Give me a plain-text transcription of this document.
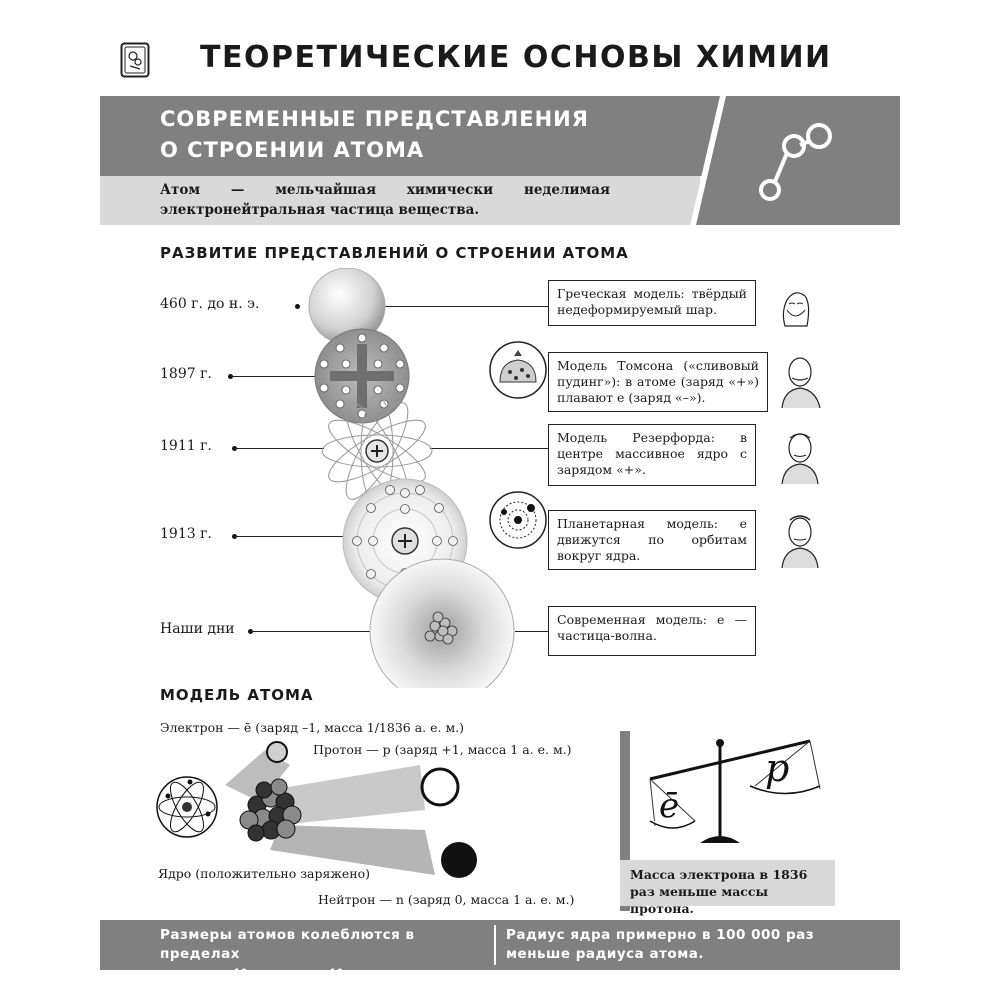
ТЕОРЕТИЧЕСКИЕ ОСНОВЫ ХИМИИ
СОВРЕМЕННЫЕ ПРЕДСТАВЛЕНИЯ
О СТРОЕНИИ АТОМА
Атом — мельчайшая химически неделимая электронейтральная частица вещества.
РАЗВИТИЕ ПРЕДСТАВЛЕНИЙ О СТРОЕНИИ АТОМА
460 г. до н. э.
Греческая модель: твёрдый недеформируемый шар.
1897 г.
Модель Томсона («сливовый пудинг»): в атоме (заряд «+») плавают е (заряд «–»).
1911 г.
Модель Резерфорда: в центре массивное ядро с зарядом «+».
1913 г.
Планетарная модель: е движутся по орбитам вокруг ядра.
Наши дни
Современная модель: е — частица-волна.
МОДЕЛЬ АТОМА
Электрон — ē (заряд –1, масса 1/1836 а. е. м.)
Протон — p (заряд +1, масса 1 а. е. м.)
Ядро (положительно заряжено)
Нейтрон — n (заряд 0, масса 1 а. е. м.)
ē
p
Масса электрона в 1836 раз меньше массы протона.
Размеры атомов колеблются в пределах
от $1 \cdot 10^{-10}$ до $5 \cdot 10^{-10}$ м.
Радиус ядра примерно в 100 000 раз меньше радиуса атома.
